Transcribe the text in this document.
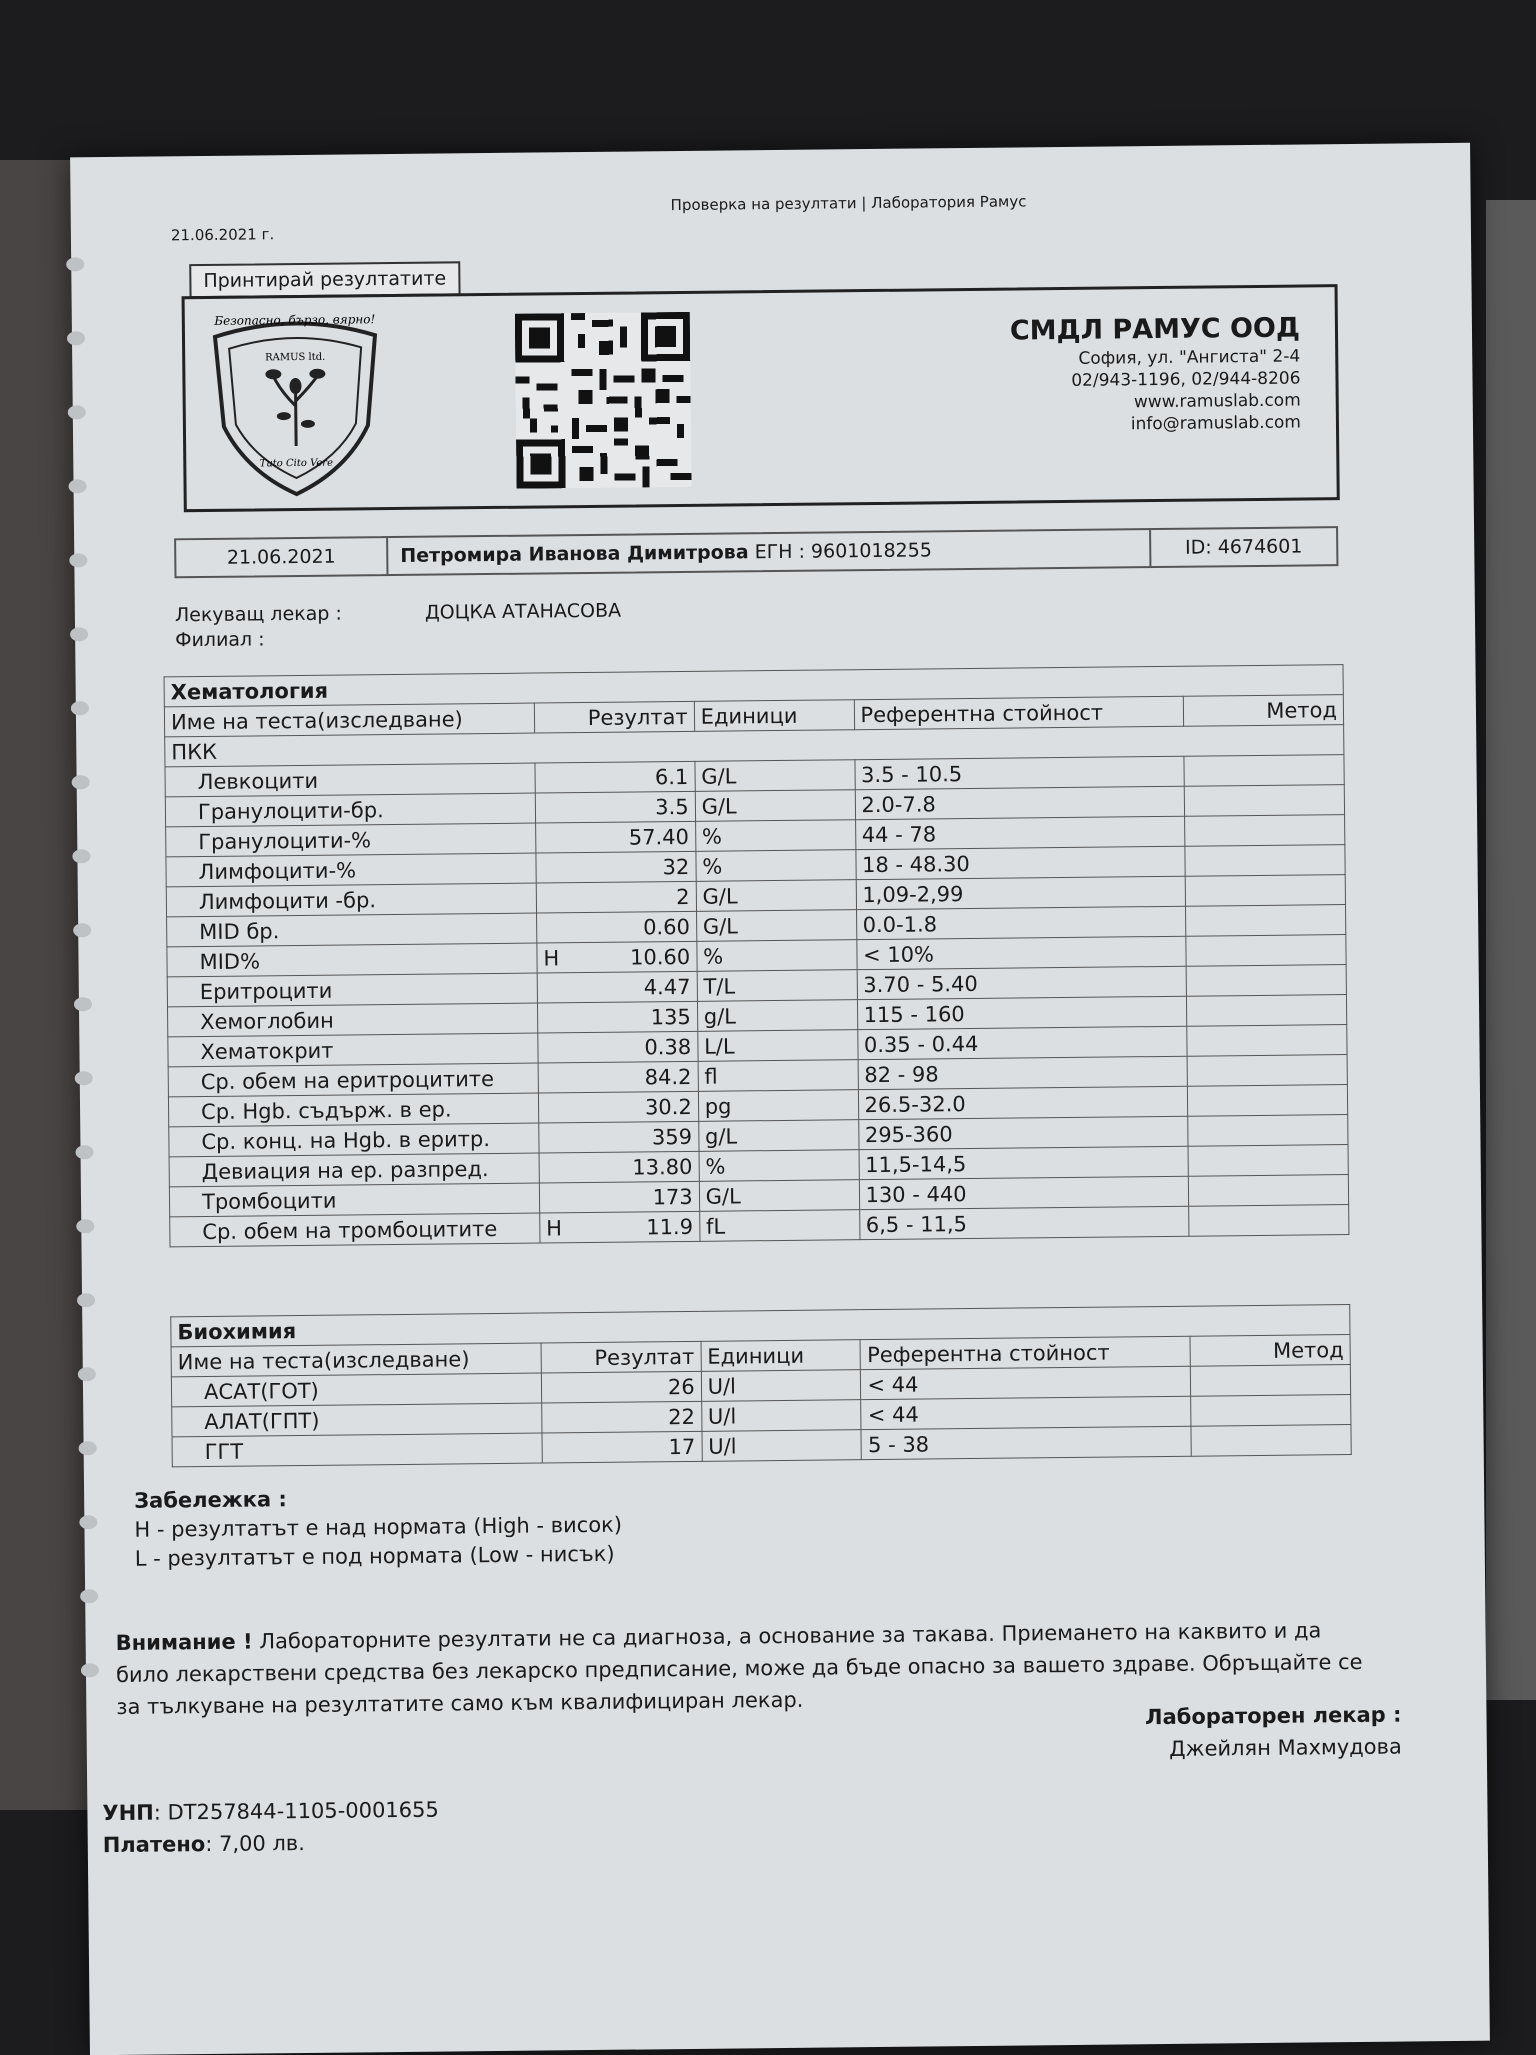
21.06.2021 г.
Проверка на резултати | Лаборатория Рамус
Принтирай резултатите
Безопасно, бързо, вярно!
RAMUS ltd.
Tuto Cito Vere
СМДЛ РАМУС ООД
София, ул. "Ангиста" 2-4
02/943-1196, 02/944-8206
www.ramuslab.com
info@ramuslab.com
21.06.2021	Петромира Иванова Димитрова ЕГН : 9601018255	ID: 4674601
Лекуващ лекар :	ДОЦКА АТАНАСОВА
Филиал :
Хематология				
Име на теста(изследване)	Резултат	Единици	Референтна стойност	Метод
ПКК				
Левкоцити	6.1	G/L	3.5 - 10.5	
Гранулоцити-бр.	3.5	G/L	2.0-7.8	
Гранулоцити-%	57.40	%	44 - 78	
Лимфоцити-%	32	%	18 - 48.30	
Лимфоцити -бр.	2	G/L	1,09-2,99	
MID бр.	0.60	G/L	0.0-1.8	
MID%	H 10.60	%	< 10%	
Еритроцити	4.47	T/L	3.70 - 5.40	
Хемоглобин	135	g/L	115 - 160	
Хематокрит	0.38	L/L	0.35 - 0.44	
Ср. обем на еритроцитите	84.2	fl	82 - 98	
Ср. Hgb. съдърж. в ер.	30.2	pg	26.5-32.0	
Ср. конц. на Hgb. в еритр.	359	g/L	295-360	
Девиация на ер. разпред.	13.80	%	11,5-14,5	
Тромбоцити	173	G/L	130 - 440	
Ср. обем на тромбоцитите	H 11.9	fL	6,5 - 11,5	
Биохимия				
Име на теста(изследване)	Резултат	Единици	Референтна стойност	Метод
АСАТ(ГОТ)	26	U/l	< 44	
АЛАТ(ГПТ)	22	U/l	< 44	
ГГТ	17	U/l	5 - 38	
Забележка :
H - резултатът е над нормата (High - висок)
L - резултатът е под нормата (Low - нисък)
Внимание ! Лабораторните резултати не са диагноза, а основание за такава. Приемането на каквито и да било лекарствени средства без лекарско предписание, може да бъде опасно за вашето здраве. Обръщайте се за тълкуване на резултатите само към квалифициран лекар.	Лабораторен лекар :
Джейлян Махмудова
УНП: DT257844-1105-0001655
Платено: 7,00 лв.
